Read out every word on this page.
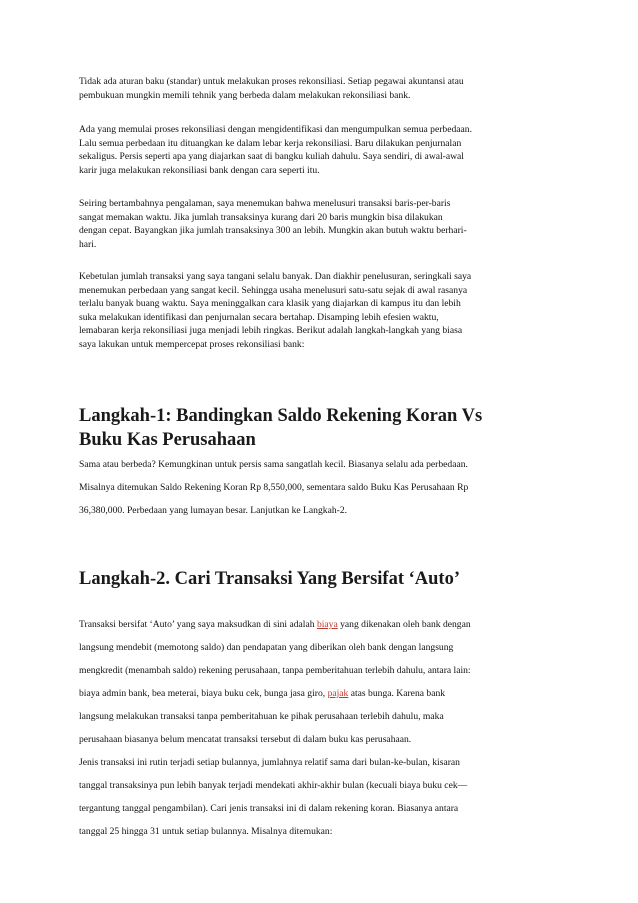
Tidak ada aturan baku (standar) untuk melakukan proses rekonsiliasi. Setiap pegawai akuntansi atau
pembukuan mungkin memili tehnik yang berbeda dalam melakukan rekonsiliasi bank.

Ada yang memulai proses rekonsiliasi dengan mengidentifikasi dan mengumpulkan semua perbedaan.
Lalu semua perbedaan itu dituangkan ke dalam lebar kerja rekonsiliasi. Baru dilakukan penjurnalan
sekaligus. Persis seperti apa yang diajarkan saat di bangku kuliah dahulu. Saya sendiri, di awal-awal
karir juga melakukan rekonsiliasi bank dengan cara seperti itu.

Seiring bertambahnya pengalaman, saya menemukan bahwa menelusuri transaksi baris-per-baris
sangat memakan waktu. Jika jumlah transaksinya kurang dari 20 baris mungkin bisa dilakukan
dengan cepat. Bayangkan jika jumlah transaksinya 300 an lebih. Mungkin akan butuh waktu berhari-
hari.

Kebetulan jumlah transaksi yang saya tangani selalu banyak. Dan diakhir penelusuran, seringkali saya
menemukan perbedaan yang sangat kecil. Sehingga usaha menelusuri satu-satu sejak di awal rasanya
terlalu banyak buang waktu. Saya meninggalkan cara klasik yang diajarkan di kampus itu dan lebih
suka melakukan identifikasi dan penjurnalan secara bertahap. Disamping lebih efesien waktu,
lemabaran kerja rekonsiliasi juga menjadi lebih ringkas. Berikut adalah langkah-langkah yang biasa
saya lakukan untuk mempercepat proses rekonsiliasi bank:

Langkah-1: Bandingkan Saldo Rekening Koran Vs
Buku Kas Perusahaan

Sama atau berbeda? Kemungkinan untuk persis sama sangatlah kecil. Biasanya selalu ada perbedaan.
Misalnya ditemukan Saldo Rekening Koran Rp 8,550,000, sementara saldo Buku Kas Perusahaan Rp
36,380,000. Perbedaan yang lumayan besar. Lanjutkan ke Langkah-2.

Langkah-2. Cari Transaksi Yang Bersifat ‘Auto’

Transaksi bersifat ‘Auto’ yang saya maksudkan di sini adalah biaya yang dikenakan oleh bank dengan
langsung mendebit (memotong saldo) dan pendapatan yang diberikan oleh bank dengan langsung
mengkredit (menambah saldo) rekening perusahaan, tanpa pemberitahuan terlebih dahulu, antara lain:
biaya admin bank, bea meterai, biaya buku cek, bunga jasa giro, pajak atas bunga. Karena bank
langsung melakukan transaksi tanpa pemberitahuan ke pihak perusahaan terlebih dahulu, maka
perusahaan biasanya belum mencatat transaksi tersebut di dalam buku kas perusahaan.
Jenis transaksi ini rutin terjadi setiap bulannya, jumlahnya relatif sama dari bulan-ke-bulan, kisaran
tanggal transaksinya pun lebih banyak terjadi mendekati akhir-akhir bulan (kecuali biaya buku cek—
tergantung tanggal pengambilan). Cari jenis transaksi ini di dalam rekening koran. Biasanya antara
tanggal 25 hingga 31 untuk setiap bulannya. Misalnya ditemukan:
